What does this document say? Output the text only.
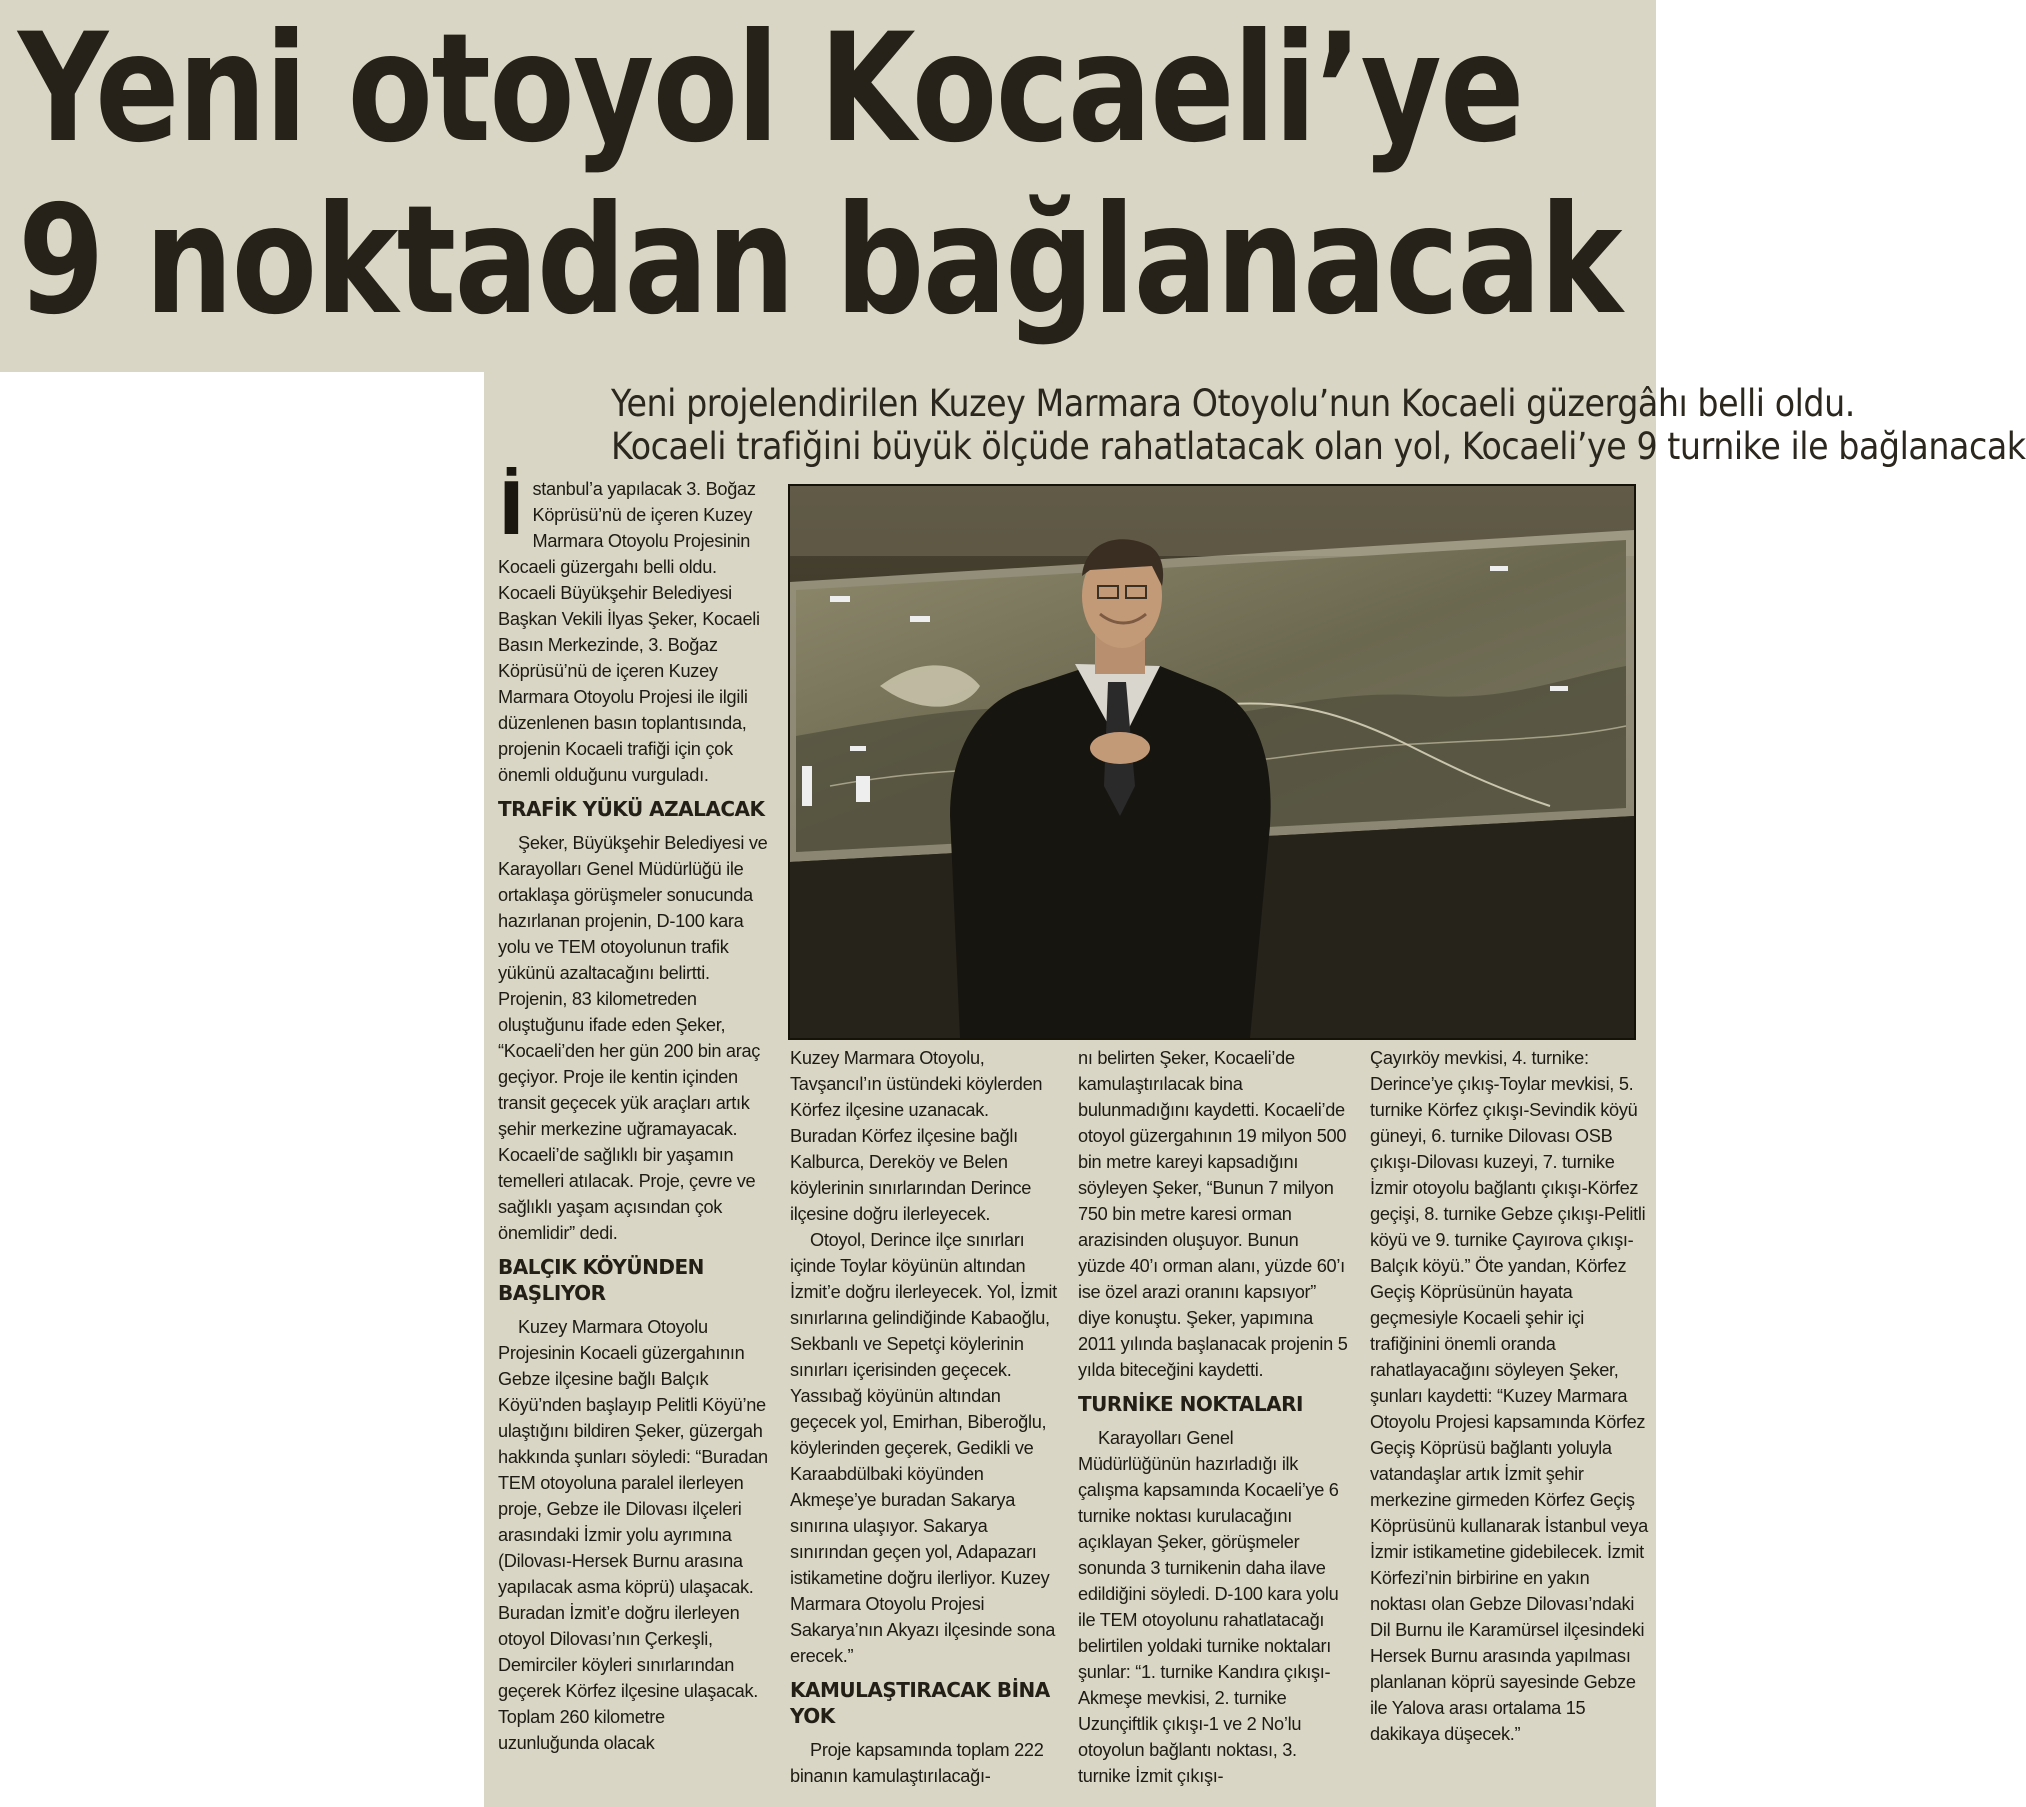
Yeni otoyol Kocaeli’ye
9 noktadan bağlanacak

Yeni projelendirilen Kuzey Marmara Otoyolu’nun Kocaeli güzergâhı belli oldu.

Kocaeli trafiğini büyük ölçüde rahatlatacak olan yol, Kocaeli’ye 9 turnike ile bağlanacak

İ stanbul’a yapılacak 3. Boğaz Köprüsü’nü de içeren Kuzey Marmara Otoyolu Projesinin Kocaeli güzergahı belli oldu. Kocaeli Büyükşehir Belediyesi Başkan Vekili İlyas Şeker, Kocaeli Basın Merkezinde, 3. Boğaz Köprüsü’nü de içeren Kuzey Marmara Otoyolu Projesi ile ilgili düzenlenen basın toplantısında, projenin Kocaeli trafiği için çok önemli olduğunu vurguladı.

TRAFİK YÜKÜ AZALACAK

Şeker, Büyükşehir Belediyesi ve Karayolları Genel Müdürlüğü ile ortaklaşa görüşmeler sonucunda hazırlanan projenin, D-100 kara yolu ve TEM otoyolunun trafik yükünü azaltacağını belirtti. Projenin, 83 kilometreden oluştuğunu ifade eden Şeker, “Kocaeli’den her gün 200 bin araç geçiyor. Proje ile kentin içinden transit geçecek yük araçları artık şehir merkezine uğramayacak. Kocaeli’de sağlıklı bir yaşamın temelleri atılacak. Proje, çevre ve sağlıklı yaşam açısından çok önemlidir” dedi.

BALÇIK KÖYÜNDEN BAŞLIYOR

Kuzey Marmara Otoyolu Projesinin Kocaeli güzergahının Gebze ilçesine bağlı Balçık Köyü’nden başlayıp Pelitli Köyü’ne ulaştığını bildiren Şeker, güzergah hakkında şunları söyledi: “Buradan TEM otoyoluna paralel ilerleyen proje, Gebze ile Dilovası ilçeleri arasındaki İzmir yolu ayrımına (Dilovası-Hersek Burnu arasına yapılacak asma köprü) ulaşacak. Buradan İzmit’e doğru ilerleyen otoyol Dilovası’nın Çerkeşli, Demirciler köyleri sınırlarından geçerek Körfez ilçesine ulaşacak. Toplam 260 kilometre uzunluğunda olacak

Kuzey Marmara Otoyolu, Tavşancıl’ın üstündeki köylerden Körfez ilçesine uzanacak. Buradan Körfez ilçesine bağlı Kalburca, Dereköy ve Belen köylerinin sınırlarından Derince ilçesine doğru ilerleyecek.

Otoyol, Derince ilçe sınırları içinde Toylar köyünün altından İzmit’e doğru ilerleyecek. Yol, İzmit sınırlarına gelindiğinde Kabaoğlu, Sekbanlı ve Sepetçi köylerinin sınırları içerisinden geçecek. Yassıbağ köyünün altından geçecek yol, Emirhan, Biberoğlu, köylerinden geçerek, Gedikli ve Karaabdülbaki köyünden Akmeşe’ye buradan Sakarya sınırına ulaşıyor. Sakarya sınırından geçen yol, Adapazarı istikametine doğru ilerliyor. Kuzey Marmara Otoyolu Projesi Sakarya’nın Akyazı ilçesinde sona erecek.”

KAMULAŞTIRACAK BİNA YOK

Proje kapsamında toplam 222 binanın kamulaştırılacağı-

nı belirten Şeker, Kocaeli’de kamulaştırılacak bina bulunmadığını kaydetti. Kocaeli’de otoyol güzergahının 19 milyon 500 bin metre kareyi kapsadığını söyleyen Şeker, “Bunun 7 milyon 750 bin metre karesi orman arazisinden oluşuyor. Bunun yüzde 40’ı orman alanı, yüzde 60’ı ise özel arazi oranını kapsıyor” diye konuştu. Şeker, yapımına 2011 yılında başlanacak projenin 5 yılda biteceğini kaydetti.

TURNİKE NOKTALARI

Karayolları Genel Müdürlüğünün hazırladığı ilk çalışma kapsamında Kocaeli’ye 6 turnike noktası kurulacağını açıklayan Şeker, görüşmeler sonunda 3 turnikenin daha ilave edildiğini söyledi. D-100 kara yolu ile TEM otoyolunu rahatlatacağı belirtilen yoldaki turnike noktaları şunlar: “1. turnike Kandıra çıkışı-Akmeşe mevkisi, 2. turnike Uzunçiftlik çıkışı-1 ve 2 No’lu otoyolun bağlantı noktası, 3. turnike İzmit çıkışı-

Çayırköy mevkisi, 4. turnike: Derince’ye çıkış-Toylar mevkisi, 5. turnike Körfez çıkışı-Sevindik köyü güneyi, 6. turnike Dilovası OSB çıkışı-Dilovası kuzeyi, 7. turnike İzmir otoyolu bağlantı çıkışı-Körfez geçişi, 8. turnike Gebze çıkışı-Pelitli köyü ve 9. turnike Çayırova çıkışı-Balçık köyü.” Öte yandan, Körfez Geçiş Köprüsünün hayata geçmesiyle Kocaeli şehir içi trafiğinini önemli oranda rahatlayacağını söyleyen Şeker, şunları kaydetti: “Kuzey Marmara Otoyolu Projesi kapsamında Körfez Geçiş Köprüsü bağlantı yoluyla vatandaşlar artık İzmit şehir merkezine girmeden Körfez Geçiş Köprüsünü kullanarak İstanbul veya İzmir istikametine gidebilecek. İzmit Körfezi’nin birbirine en yakın noktası olan Gebze Dilovası’ndaki Dil Burnu ile Karamürsel ilçesindeki Hersek Burnu arasında yapılması planlanan köprü sayesinde Gebze ile Yalova arası ortalama 15 dakikaya düşecek.”
